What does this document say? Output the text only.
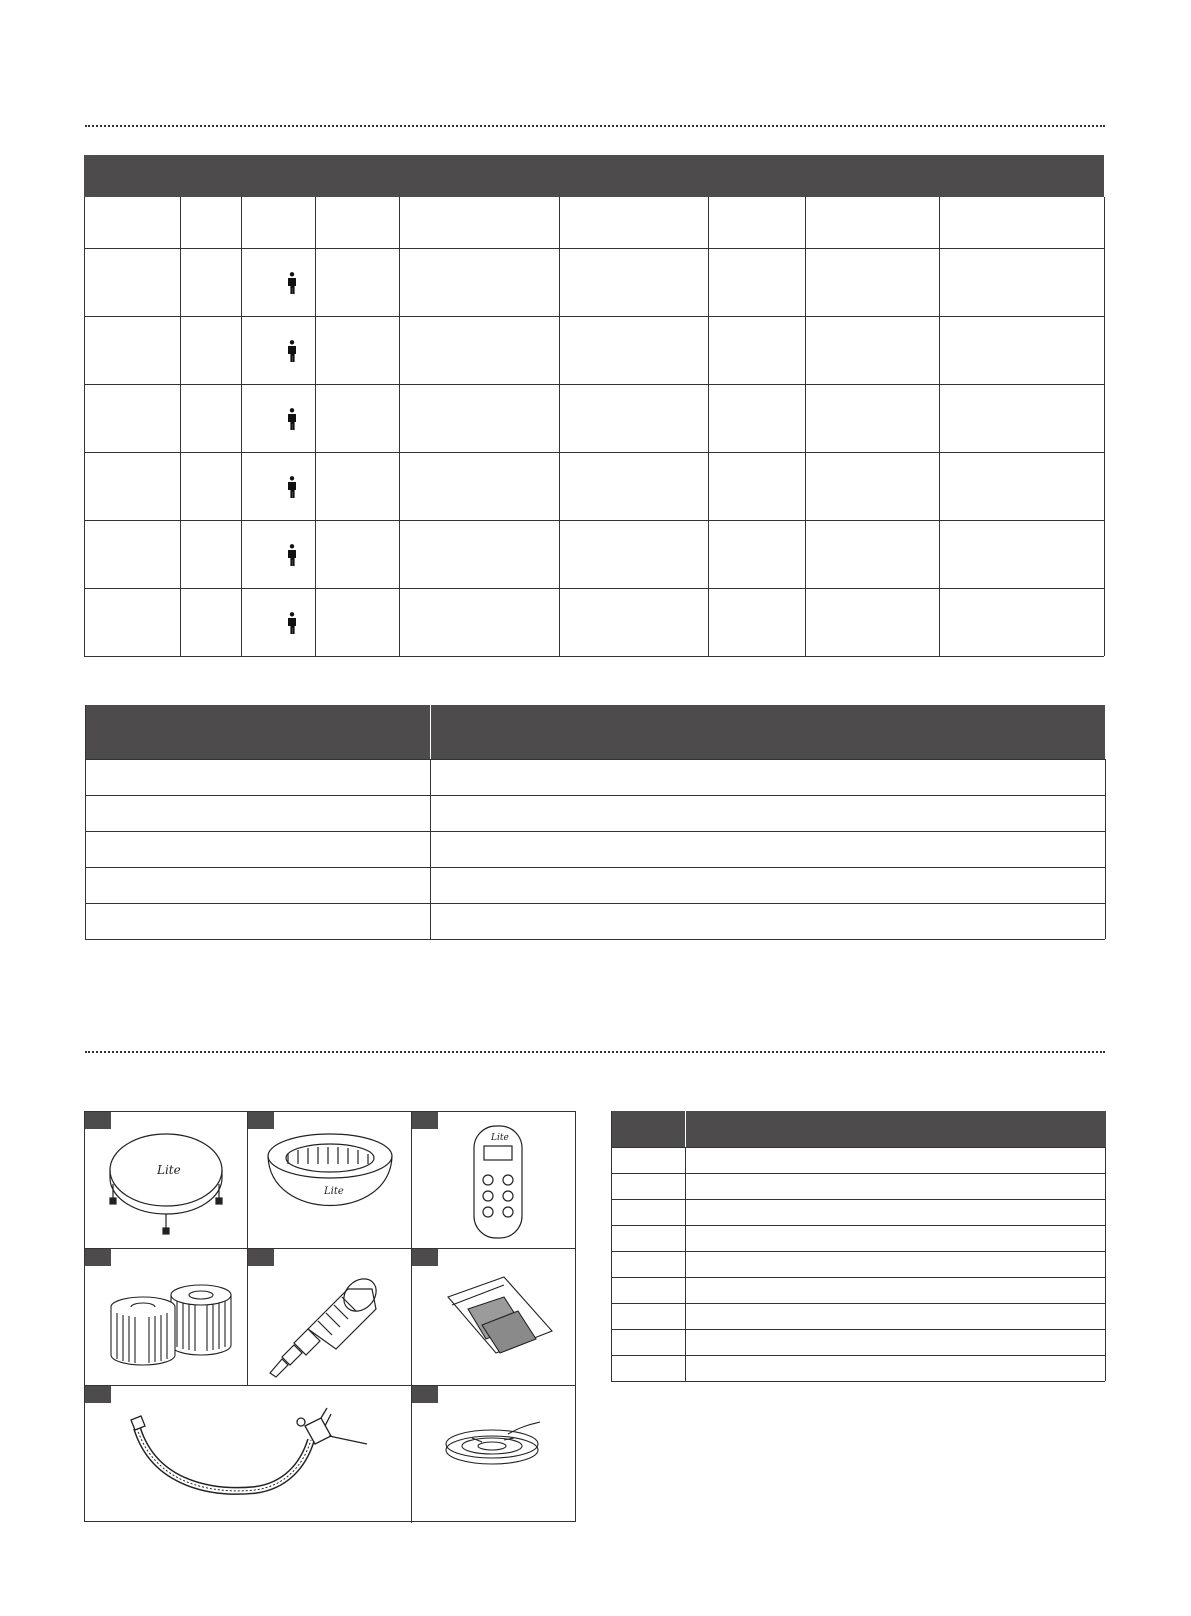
Lite
Lite
Lite
